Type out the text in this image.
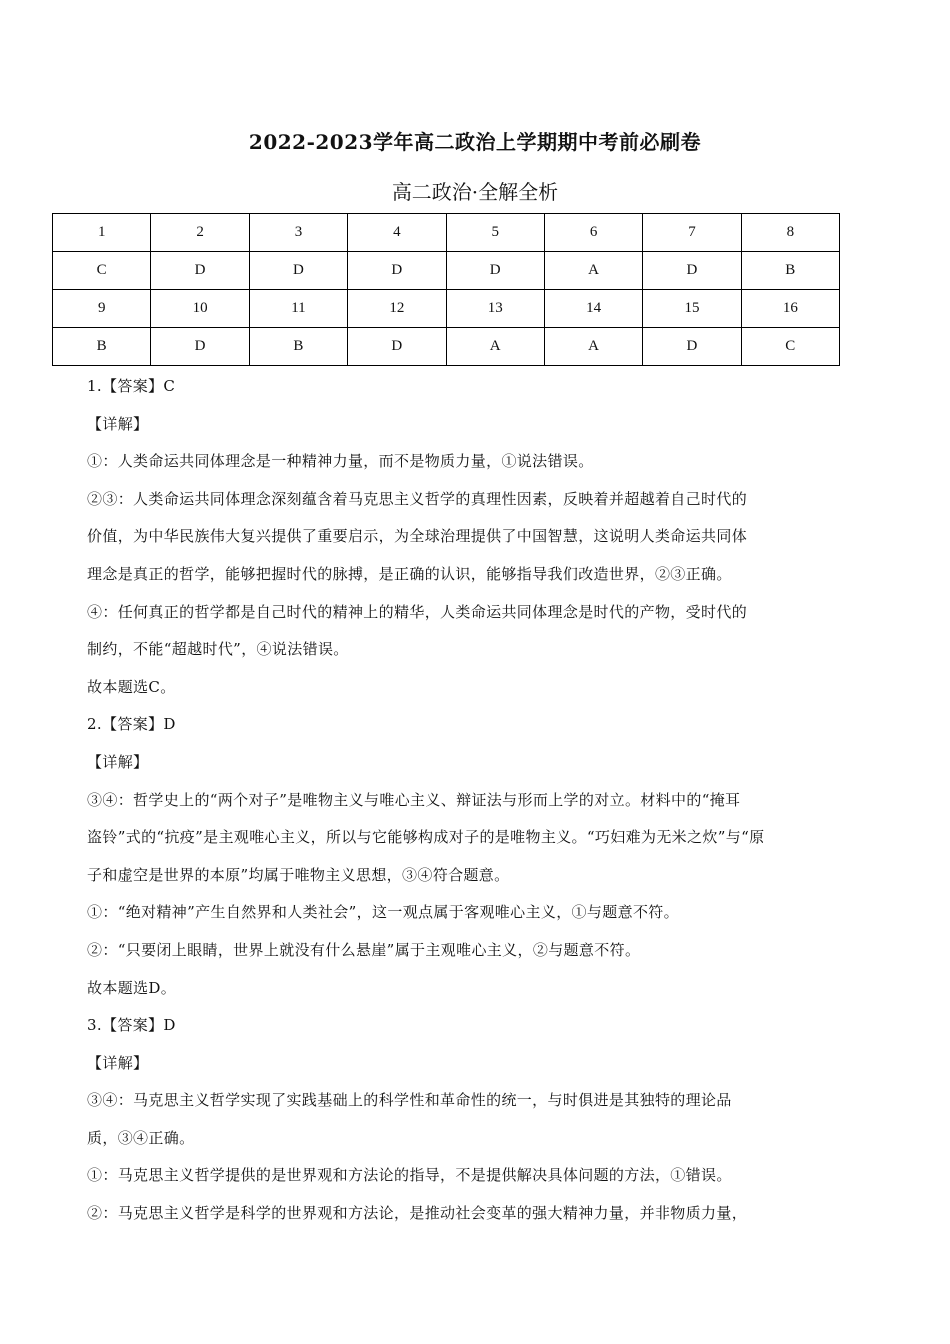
2022-2023学年高二政治上学期期中考前必刷卷
高二政治·全解全析
1	2	3	4	5	6	7	8
C	D	D	D	D	A	D	B
9	10	11	12	13	14	15	16
B	D	B	D	A	A	D	C
1.【答案】C
【详解】
①：人类命运共同体理念是一种精神力量，而不是物质力量，①说法错误。
②③：人类命运共同体理念深刻蕴含着马克思主义哲学的真理性因素，反映着并超越着自己时代的
价值，为中华民族伟大复兴提供了重要启示，为全球治理提供了中国智慧，这说明人类命运共同体
理念是真正的哲学，能够把握时代的脉搏，是正确的认识，能够指导我们改造世界，②③正确。
④：任何真正的哲学都是自己时代的精神上的精华，人类命运共同体理念是时代的产物，受时代的
制约，不能“超越时代”，④说法错误。
故本题选C。
2.【答案】D
【详解】
③④：哲学史上的“两个对子”是唯物主义与唯心主义、辩证法与形而上学的对立。材料中的“掩耳
盗铃”式的“抗疫”是主观唯心主义，所以与它能够构成对子的是唯物主义。“巧妇难为无米之炊”与“原
子和虚空是世界的本原”均属于唯物主义思想，③④符合题意。
①：“绝对精神”产生自然界和人类社会”，这一观点属于客观唯心主义，①与题意不符。
②：“只要闭上眼睛，世界上就没有什么悬崖”属于主观唯心主义，②与题意不符。
故本题选D。
3.【答案】D
【详解】
③④：马克思主义哲学实现了实践基础上的科学性和革命性的统一，与时俱进是其独特的理论品
质，③④正确。
①：马克思主义哲学提供的是世界观和方法论的指导，不是提供解决具体问题的方法，①错误。
②：马克思主义哲学是科学的世界观和方法论，是推动社会变革的强大精神力量，并非物质力量，
